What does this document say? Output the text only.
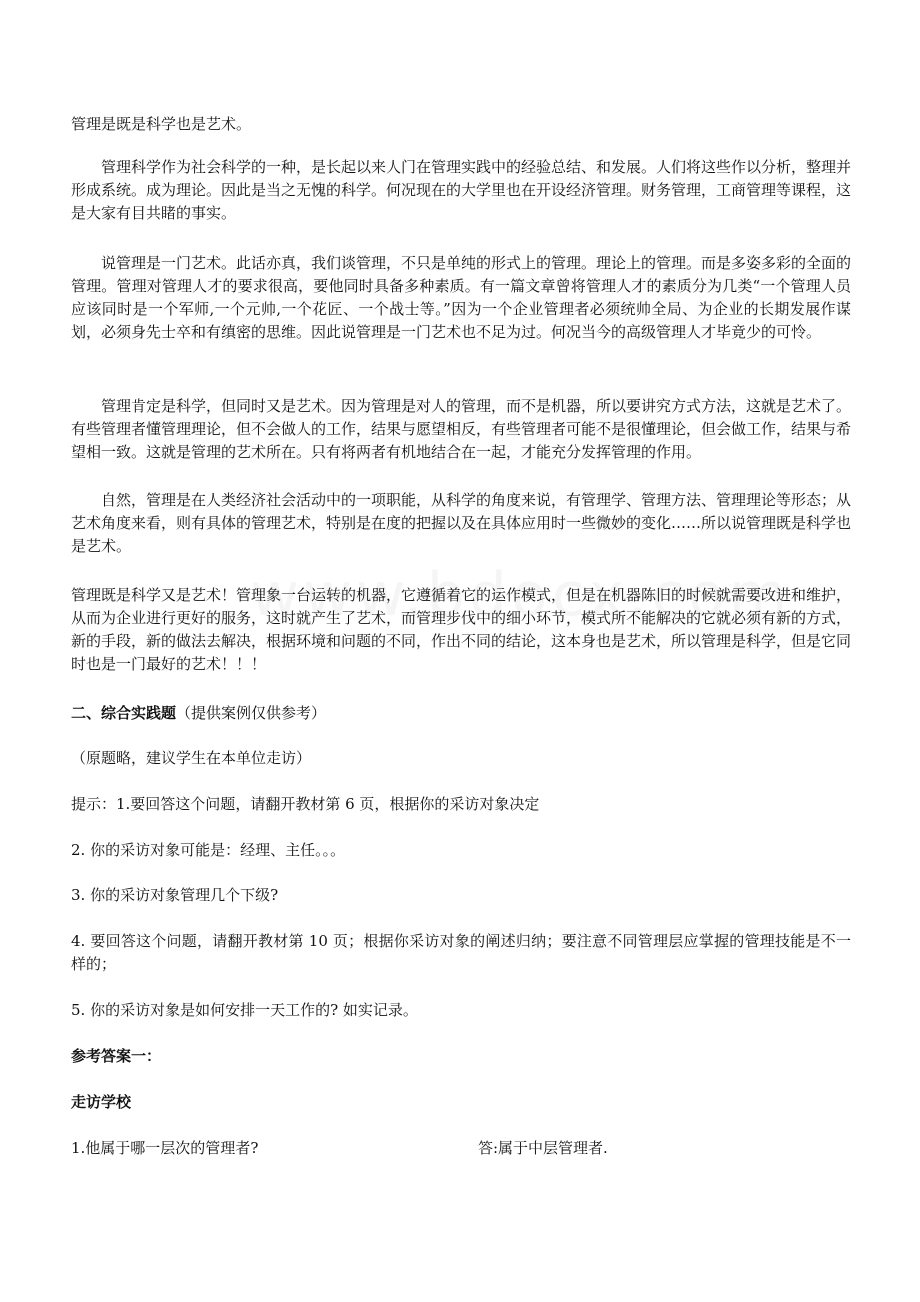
管理是既是科学也是艺术。

管理科学作为社会科学的一种，是长起以来人门在管理实践中的经验总结、和发展。人们将这些作以分析，整理并形成系统。成为理论。因此是当之无愧的科学。何况现在的大学里也在开设经济管理。财务管理，工商管理等课程，这是大家有目共睹的事实。

说管理是一门艺术。此话亦真，我们谈管理，不只是单纯的形式上的管理。理论上的管理。而是多姿多彩的全面的管理。管理对管理人才的要求很高，要他同时具备多种素质。有一篇文章曾将管理人才的素质分为几类“一个管理人员应该同时是一个军师,一个元帅,一个花匠、一个战士等。”因为一个企业管理者必须统帅全局、为企业的长期发展作谋划，必须身先士卒和有缜密的思维。因此说管理是一门艺术也不足为过。何况当今的高级管理人才毕竟少的可怜。

管理肯定是科学，但同时又是艺术。因为管理是对人的管理，而不是机器，所以要讲究方式方法，这就是艺术了。有些管理者懂管理理论，但不会做人的工作，结果与愿望相反，有些管理者可能不是很懂理论，但会做工作，结果与希望相一致。这就是管理的艺术所在。只有将两者有机地结合在一起，才能充分发挥管理的作用。

自然，管理是在人类经济社会活动中的一项职能，从科学的角度来说，有管理学、管理方法、管理理论等形态；从艺术角度来看，则有具体的管理艺术，特别是在度的把握以及在具体应用时一些微妙的变化……所以说管理既是科学也是艺术。

管理既是科学又是艺术！管理象一台运转的机器，它遵循着它的运作模式，但是在机器陈旧的时候就需要改进和维护，从而为企业进行更好的服务，这时就产生了艺术，而管理步伐中的细小环节，模式所不能解决的它就必须有新的方式，新的手段，新的做法去解决，根据环境和问题的不同，作出不同的结论，这本身也是艺术，所以管理是科学，但是它同时也是一门最好的艺术！！！

二、综合实践题（提供案例仅供参考）

（原题略，建议学生在本单位走访）

提示：1.要回答这个问题，请翻开教材第 6 页，根据你的采访对象决定

2. 你的采访对象可能是：经理、主任。。。

3. 你的采访对象管理几个下级?

4. 要回答这个问题，请翻开教材第 10 页；根据你采访对象的阐述归纳；要注意不同管理层应掌握的管理技能是不一样的；

5. 你的采访对象是如何安排一天工作的? 如实记录。

参考答案一：

走访学校

1.他属于哪一层次的管理者?	答:属于中层管理者.
